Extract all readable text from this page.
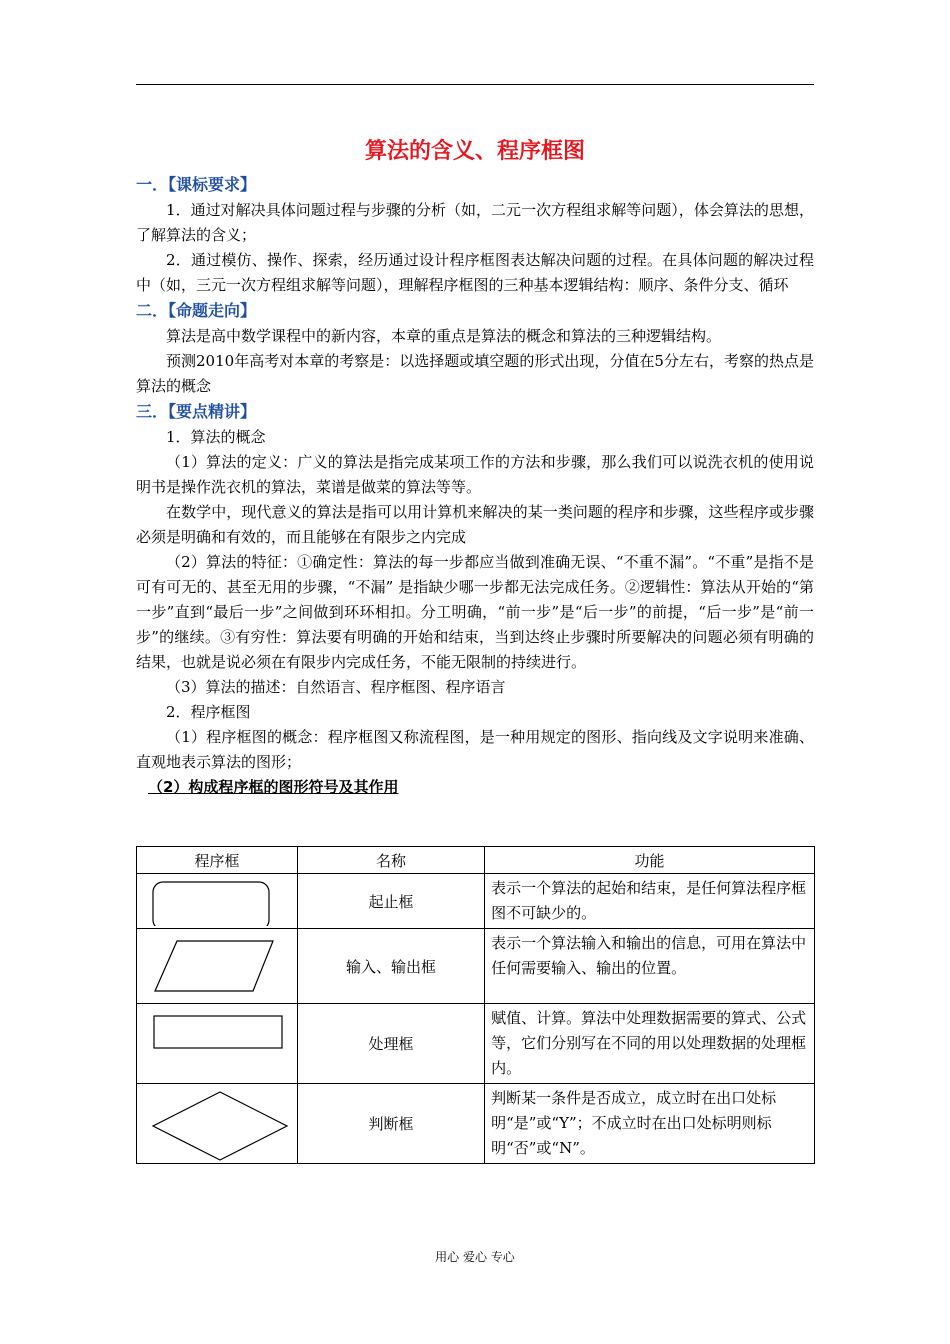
算法的含义、程序框图
一．【课标要求】

1．通过对解决具体问题过程与步骤的分析（如，二元一次方程组求解等问题），体会算法的思想，了解算法的含义；

2．通过模仿、操作、探索，经历通过设计程序框图表达解决问题的过程。在具体问题的解决过程中（如，三元一次方程组求解等问题），理解程序框图的三种基本逻辑结构：顺序、条件分支、循环

二．【命题走向】

算法是高中数学课程中的新内容，本章的重点是算法的概念和算法的三种逻辑结构。

预测2010年高考对本章的考察是：以选择题或填空题的形式出现，分值在5分左右，考察的热点是算法的概念

三．【要点精讲】

1．算法的概念

（1）算法的定义：广义的算法是指完成某项工作的方法和步骤，那么我们可以说洗衣机的使用说明书是操作洗衣机的算法，菜谱是做菜的算法等等。

在数学中，现代意义的算法是指可以用计算机来解决的某一类问题的程序和步骤，这些程序或步骤必须是明确和有效的，而且能够在有限步之内完成

（2）算法的特征：①确定性：算法的每一步都应当做到准确无误、“不重不漏”。“不重”是指不是可有可无的、甚至无用的步骤，“不漏” 是指缺少哪一步都无法完成任务。②逻辑性：算法从开始的“第一步”直到“最后一步”之间做到环环相扣。分工明确，“前一步”是“后一步”的前提，“后一步”是“前一步”的继续。③有穷性：算法要有明确的开始和结束，当到达终止步骤时所要解决的问题必须有明确的结果，也就是说必须在有限步内完成任务，不能无限制的持续进行。

（3）算法的描述：自然语言、程序框图、程序语言

2．程序框图

（1）程序框图的概念：程序框图又称流程图，是一种用规定的图形、指向线及文字说明来准确、直观地表示算法的图形；

（2）构成程序框的图形符号及其作用
程序框	名称	功能

	起止框	表示一个算法的起始和结束，是任何算法程序框图不可缺少的。

	输入、输出框	表示一个算法输入和输出的信息，可用在算法中任何需要输入、输出的位置。

	处理框	赋值、计算。算法中处理数据需要的算式、公式等，它们分别写在不同的用以处理数据的处理框内。

	判断框	判断某一条件是否成立，成立时在出口处标明“是”或“Y”；不成立时在出口处标明则标明“否”或“N”。
用心 爱心 专心
